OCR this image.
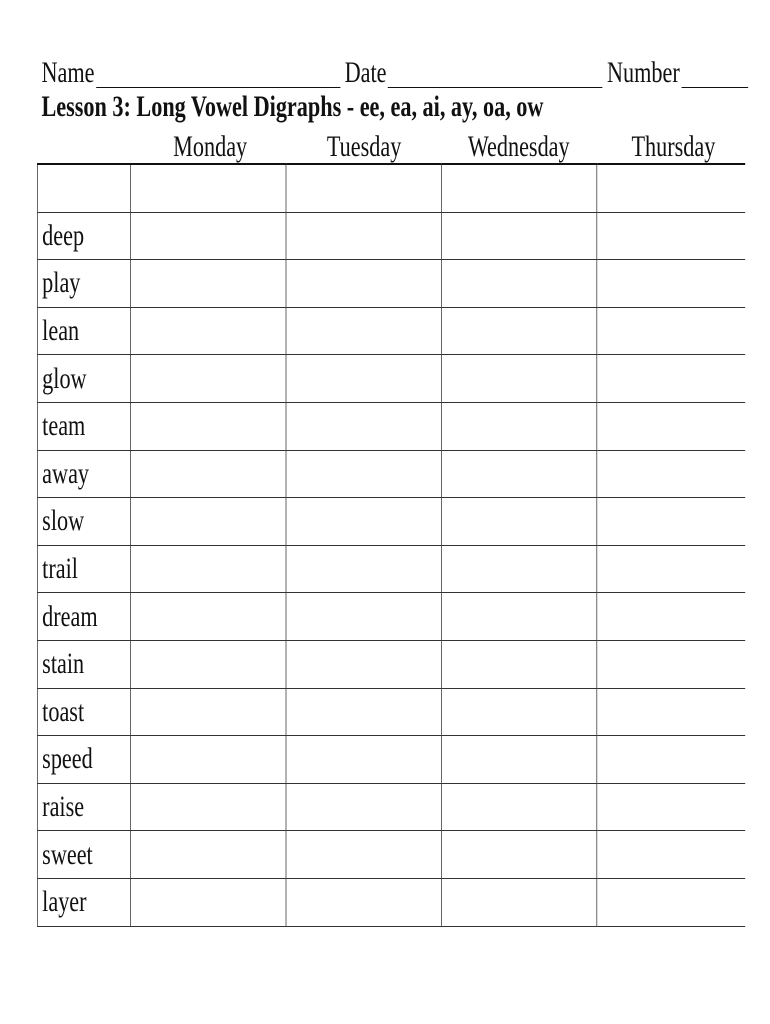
Name	Date	Number
Lesson 3: Long Vowel Digraphs - ee, ea, ai, ay, oa, ow
Monday	Tuesday Wednesday Thursday

deep				
play				
lean				
glow				
team				
away				
slow				
trail				
dream				
stain				
toast				
speed				
raise				
sweet				
layer				
